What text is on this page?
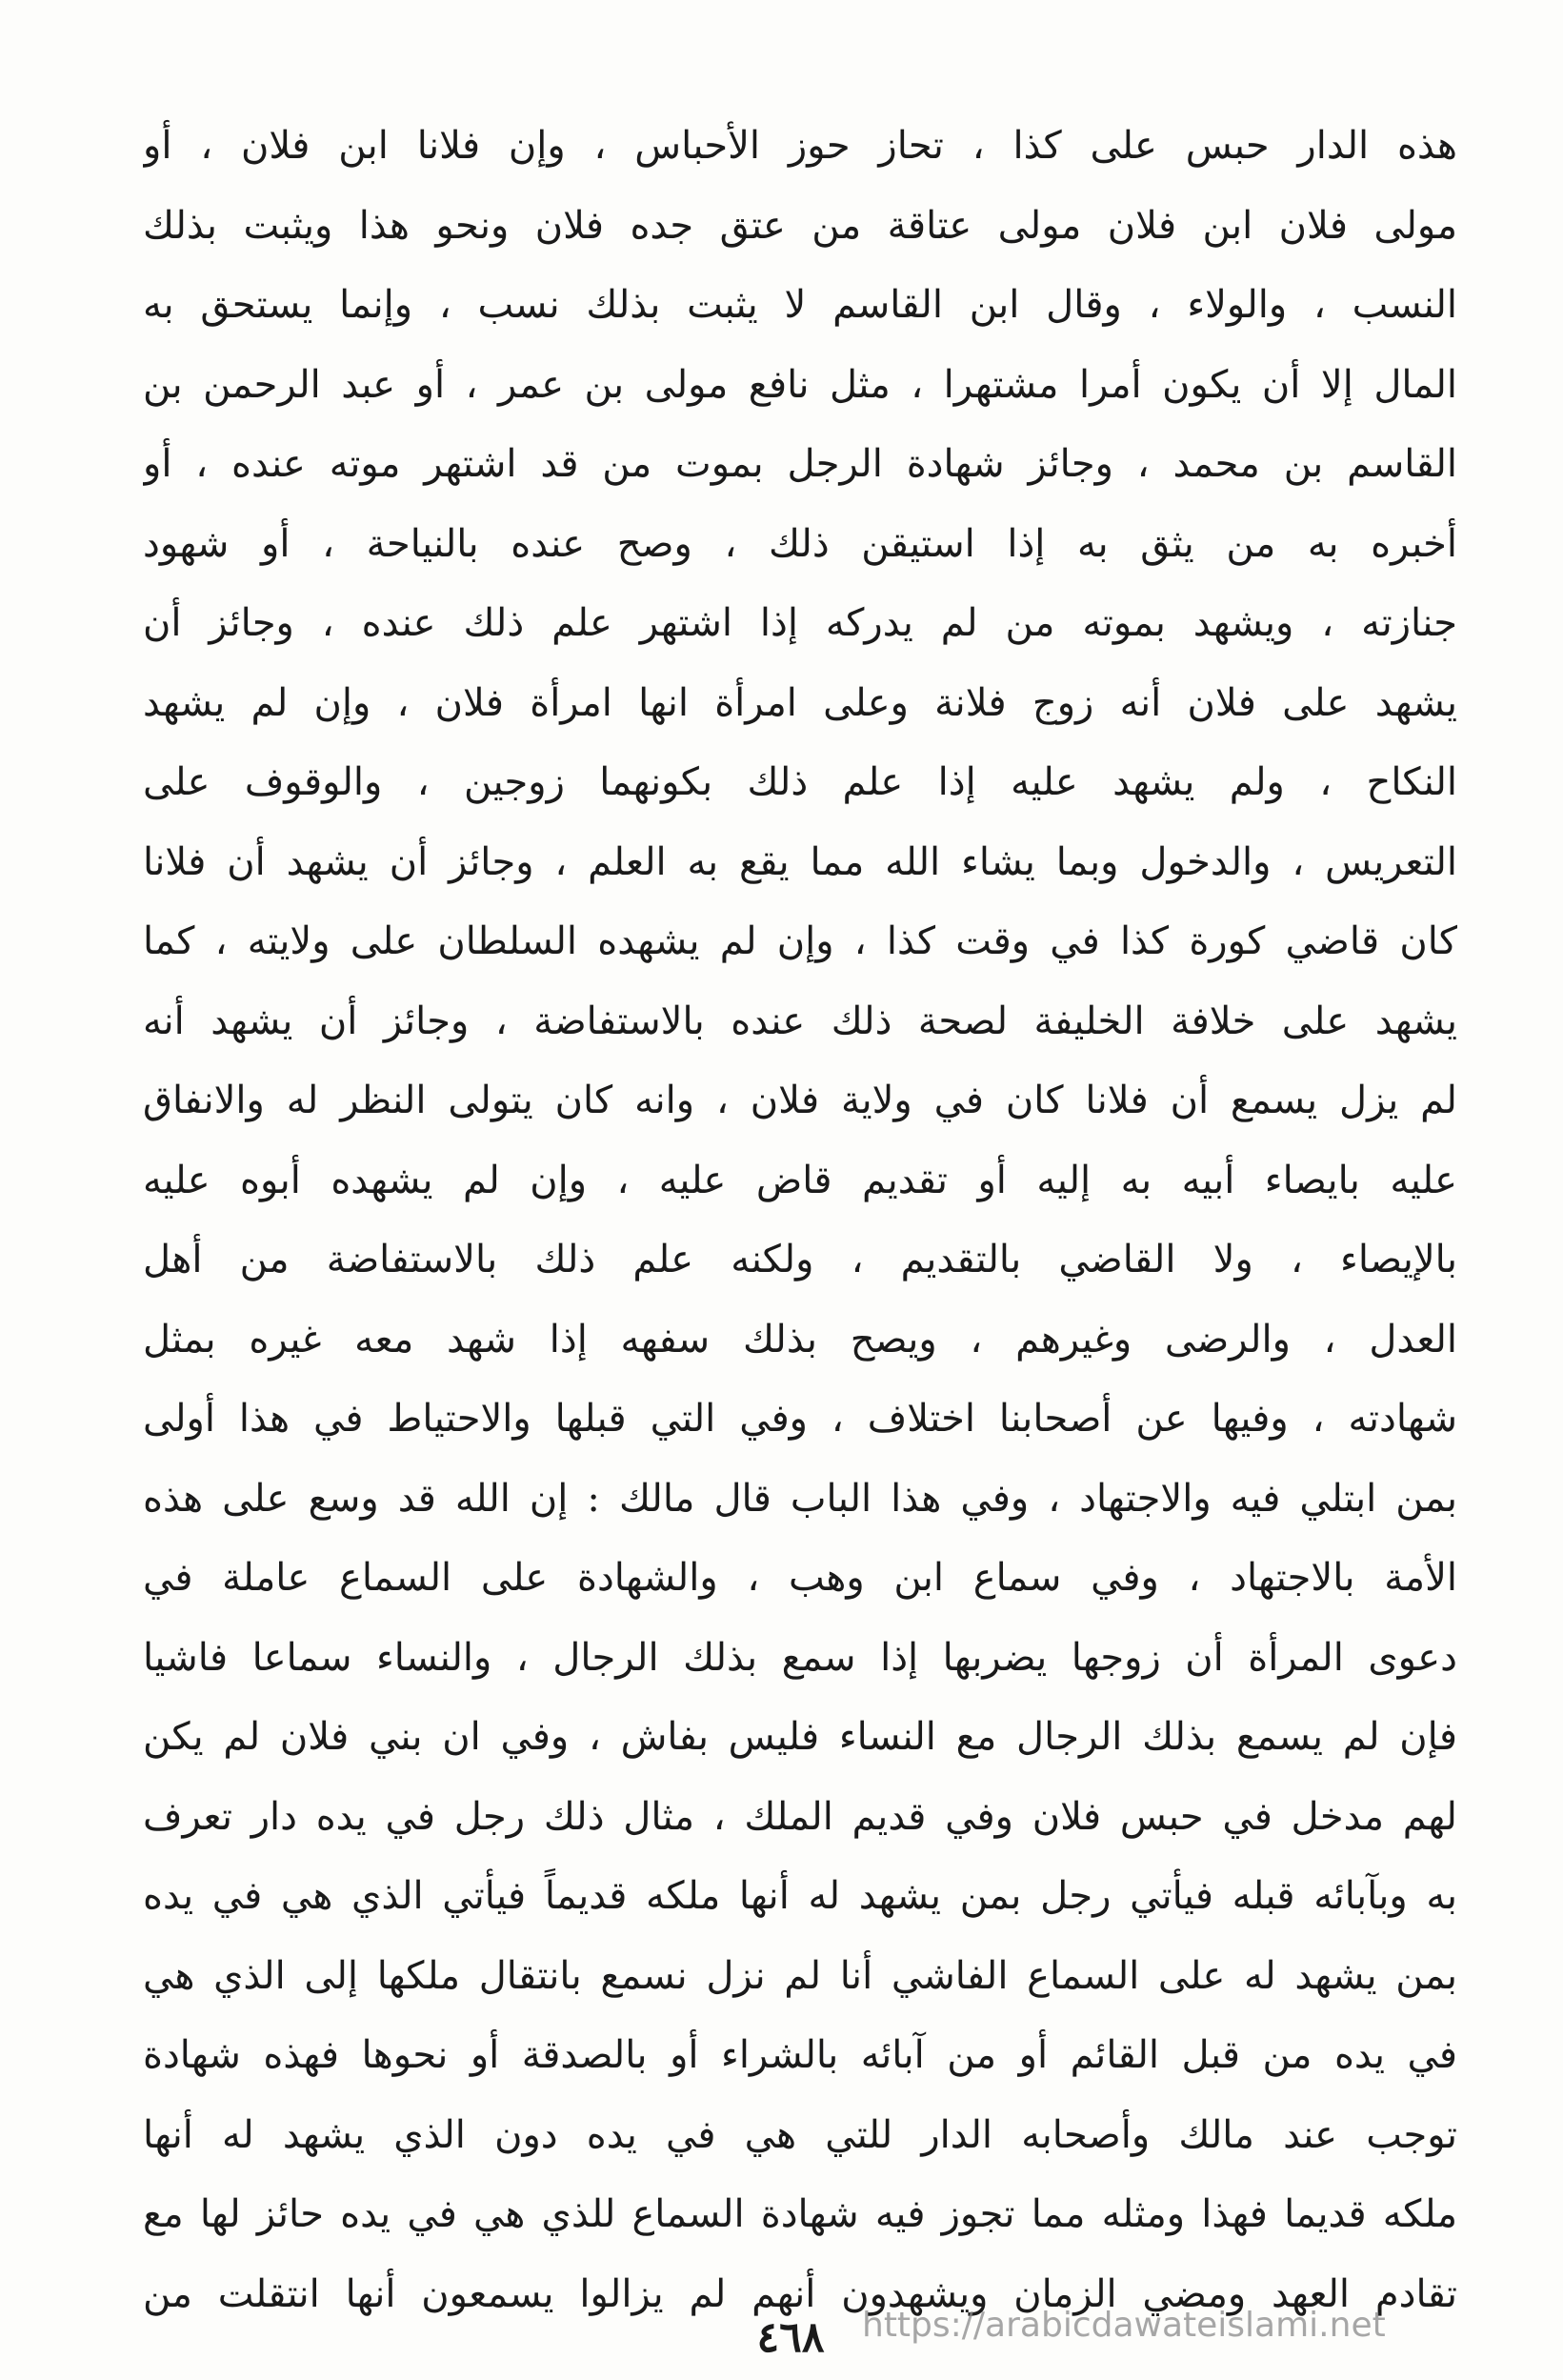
هذه الدار حبس على كذا ، تحاز حوز الأحباس ، وإن فلانا ابن فلان ، أو
مولى فلان ابن فلان مولى عتاقة من عتق جده فلان ونحو هذا ويثبت بذلك
النسب ، والولاء ، وقال ابن القاسم لا يثبت بذلك نسب ، وإنما يستحق به
المال إلا أن يكون أمرا مشتهرا ، مثل نافع مولى بن عمر ، أو عبد الرحمن بن
القاسم بن محمد ، وجائز شهادة الرجل بموت من قد اشتهر موته عنده ، أو
أخبره به من يثق به إذا استيقن ذلك ، وصح عنده بالنياحة ، أو شهود
جنازته ، ويشهد بموته من لم يدركه إذا اشتهر علم ذلك عنده ، وجائز أن
يشهد على فلان أنه زوج فلانة وعلى امرأة انها امرأة فلان ، وإن لم يشهد
النكاح ، ولم يشهد عليه إذا علم ذلك بكونهما زوجين ، والوقوف على
التعريس ، والدخول وبما يشاء الله مما يقع به العلم ، وجائز أن يشهد أن فلانا
كان قاضي كورة كذا في وقت كذا ، وإن لم يشهده السلطان على ولايته ، كما
يشهد على خلافة الخليفة لصحة ذلك عنده بالاستفاضة ، وجائز أن يشهد أنه
لم يزل يسمع أن فلانا كان في ولاية فلان ، وانه كان يتولى النظر له والانفاق
عليه بايصاء أبيه به إليه أو تقديم قاض عليه ، وإن لم يشهده أبوه عليه
بالإيصاء ، ولا القاضي بالتقديم ، ولكنه علم ذلك بالاستفاضة من أهل
العدل ، والرضى وغيرهم ، ويصح بذلك سفهه إذا شهد معه غيره بمثل
شهادته ، وفيها عن أصحابنا اختلاف ، وفي التي قبلها والاحتياط في هذا أولى
بمن ابتلي فيه والاجتهاد ، وفي هذا الباب قال مالك : إن الله قد وسع على هذه
الأمة بالاجتهاد ، وفي سماع ابن وهب ، والشهادة على السماع عاملة في
دعوى المرأة أن زوجها يضربها إذا سمع بذلك الرجال ، والنساء سماعا فاشيا
فإن لم يسمع بذلك الرجال مع النساء فليس بفاش ، وفي ان بني فلان لم يكن
لهم مدخل في حبس فلان وفي قديم الملك ، مثال ذلك رجل في يده دار تعرف
به وبآبائه قبله فيأتي رجل بمن يشهد له أنها ملكه قديماً فيأتي الذي هي في يده
بمن يشهد له على السماع الفاشي أنا لم نزل نسمع بانتقال ملكها إلى الذي هي
في يده من قبل القائم أو من آبائه بالشراء أو بالصدقة أو نحوها فهذه شهادة
توجب عند مالك وأصحابه الدار للتي هي في يده دون الذي يشهد له أنها
ملكه قديما فهذا ومثله مما تجوز فيه شهادة السماع للذي هي في يده حائز لها مع
تقادم العهد ومضي الزمان ويشهدون أنهم لم يزالوا يسمعون أنها انتقلت من
https://arabicdawateislami.net
٤٦٨
